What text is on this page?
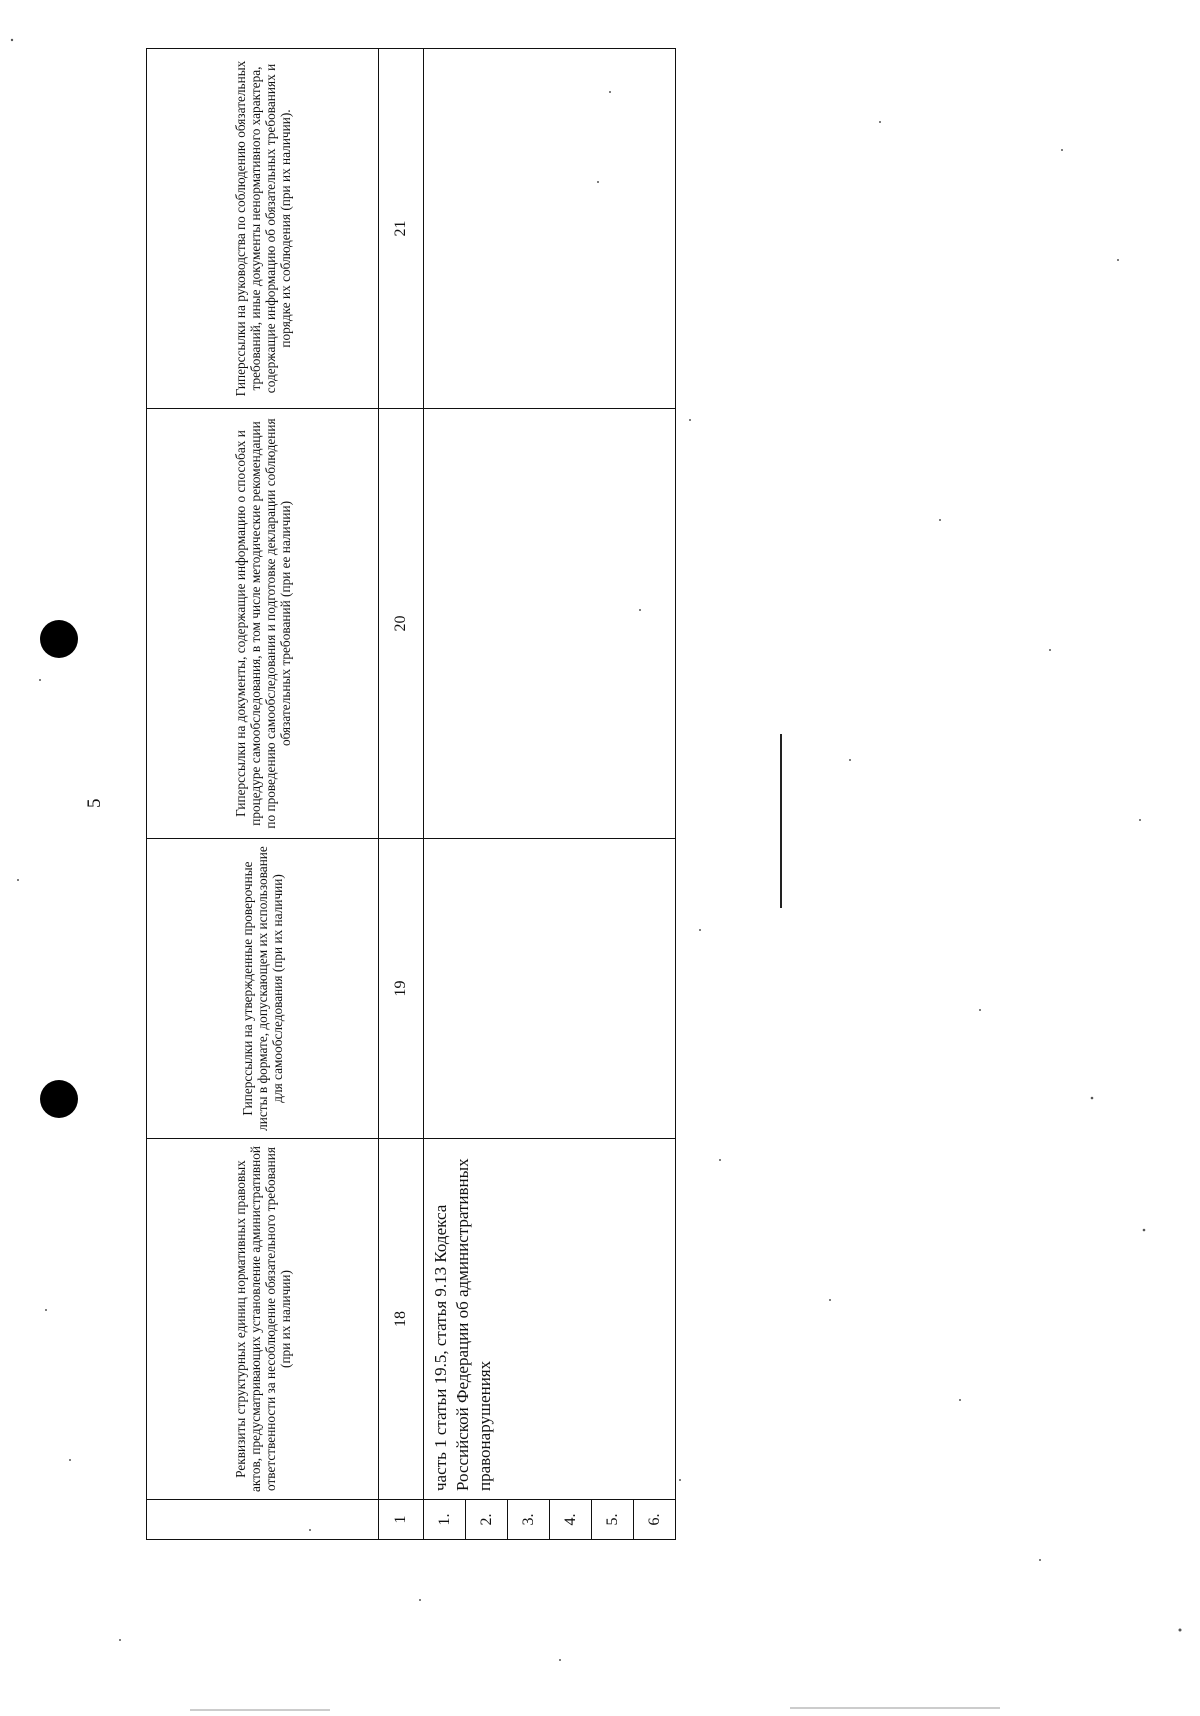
5
	Реквизиты структурных единиц нормативных правовых актов, предусматривающих установление административной ответственности за несоблюдение обязательного требования (при их наличии)	Гиперссылки на утвержденные проверочные листы в формате, допускающем их использование для самообследования (при их наличии)	Гиперссылки на документы, содержащие информацию о способах и процедуре самообследования, в том числе методические рекомендации по проведению самообследования и подготовке декларации соблюдения обязательных требований (при ее наличии)	Гиперссылки на руководства по соблюдению обязательных требований, иные документы ненормативного характера, содержащие информацию об обязательных требованиях и порядке их соблюдения (при их наличии).
1	18	19	20	21
1.	часть 1 статьи 19.5, статья 9.13 Кодекса Российской Федерации об административных правонарушениях			
2.				
3.				
4.				
5.				
6.				
